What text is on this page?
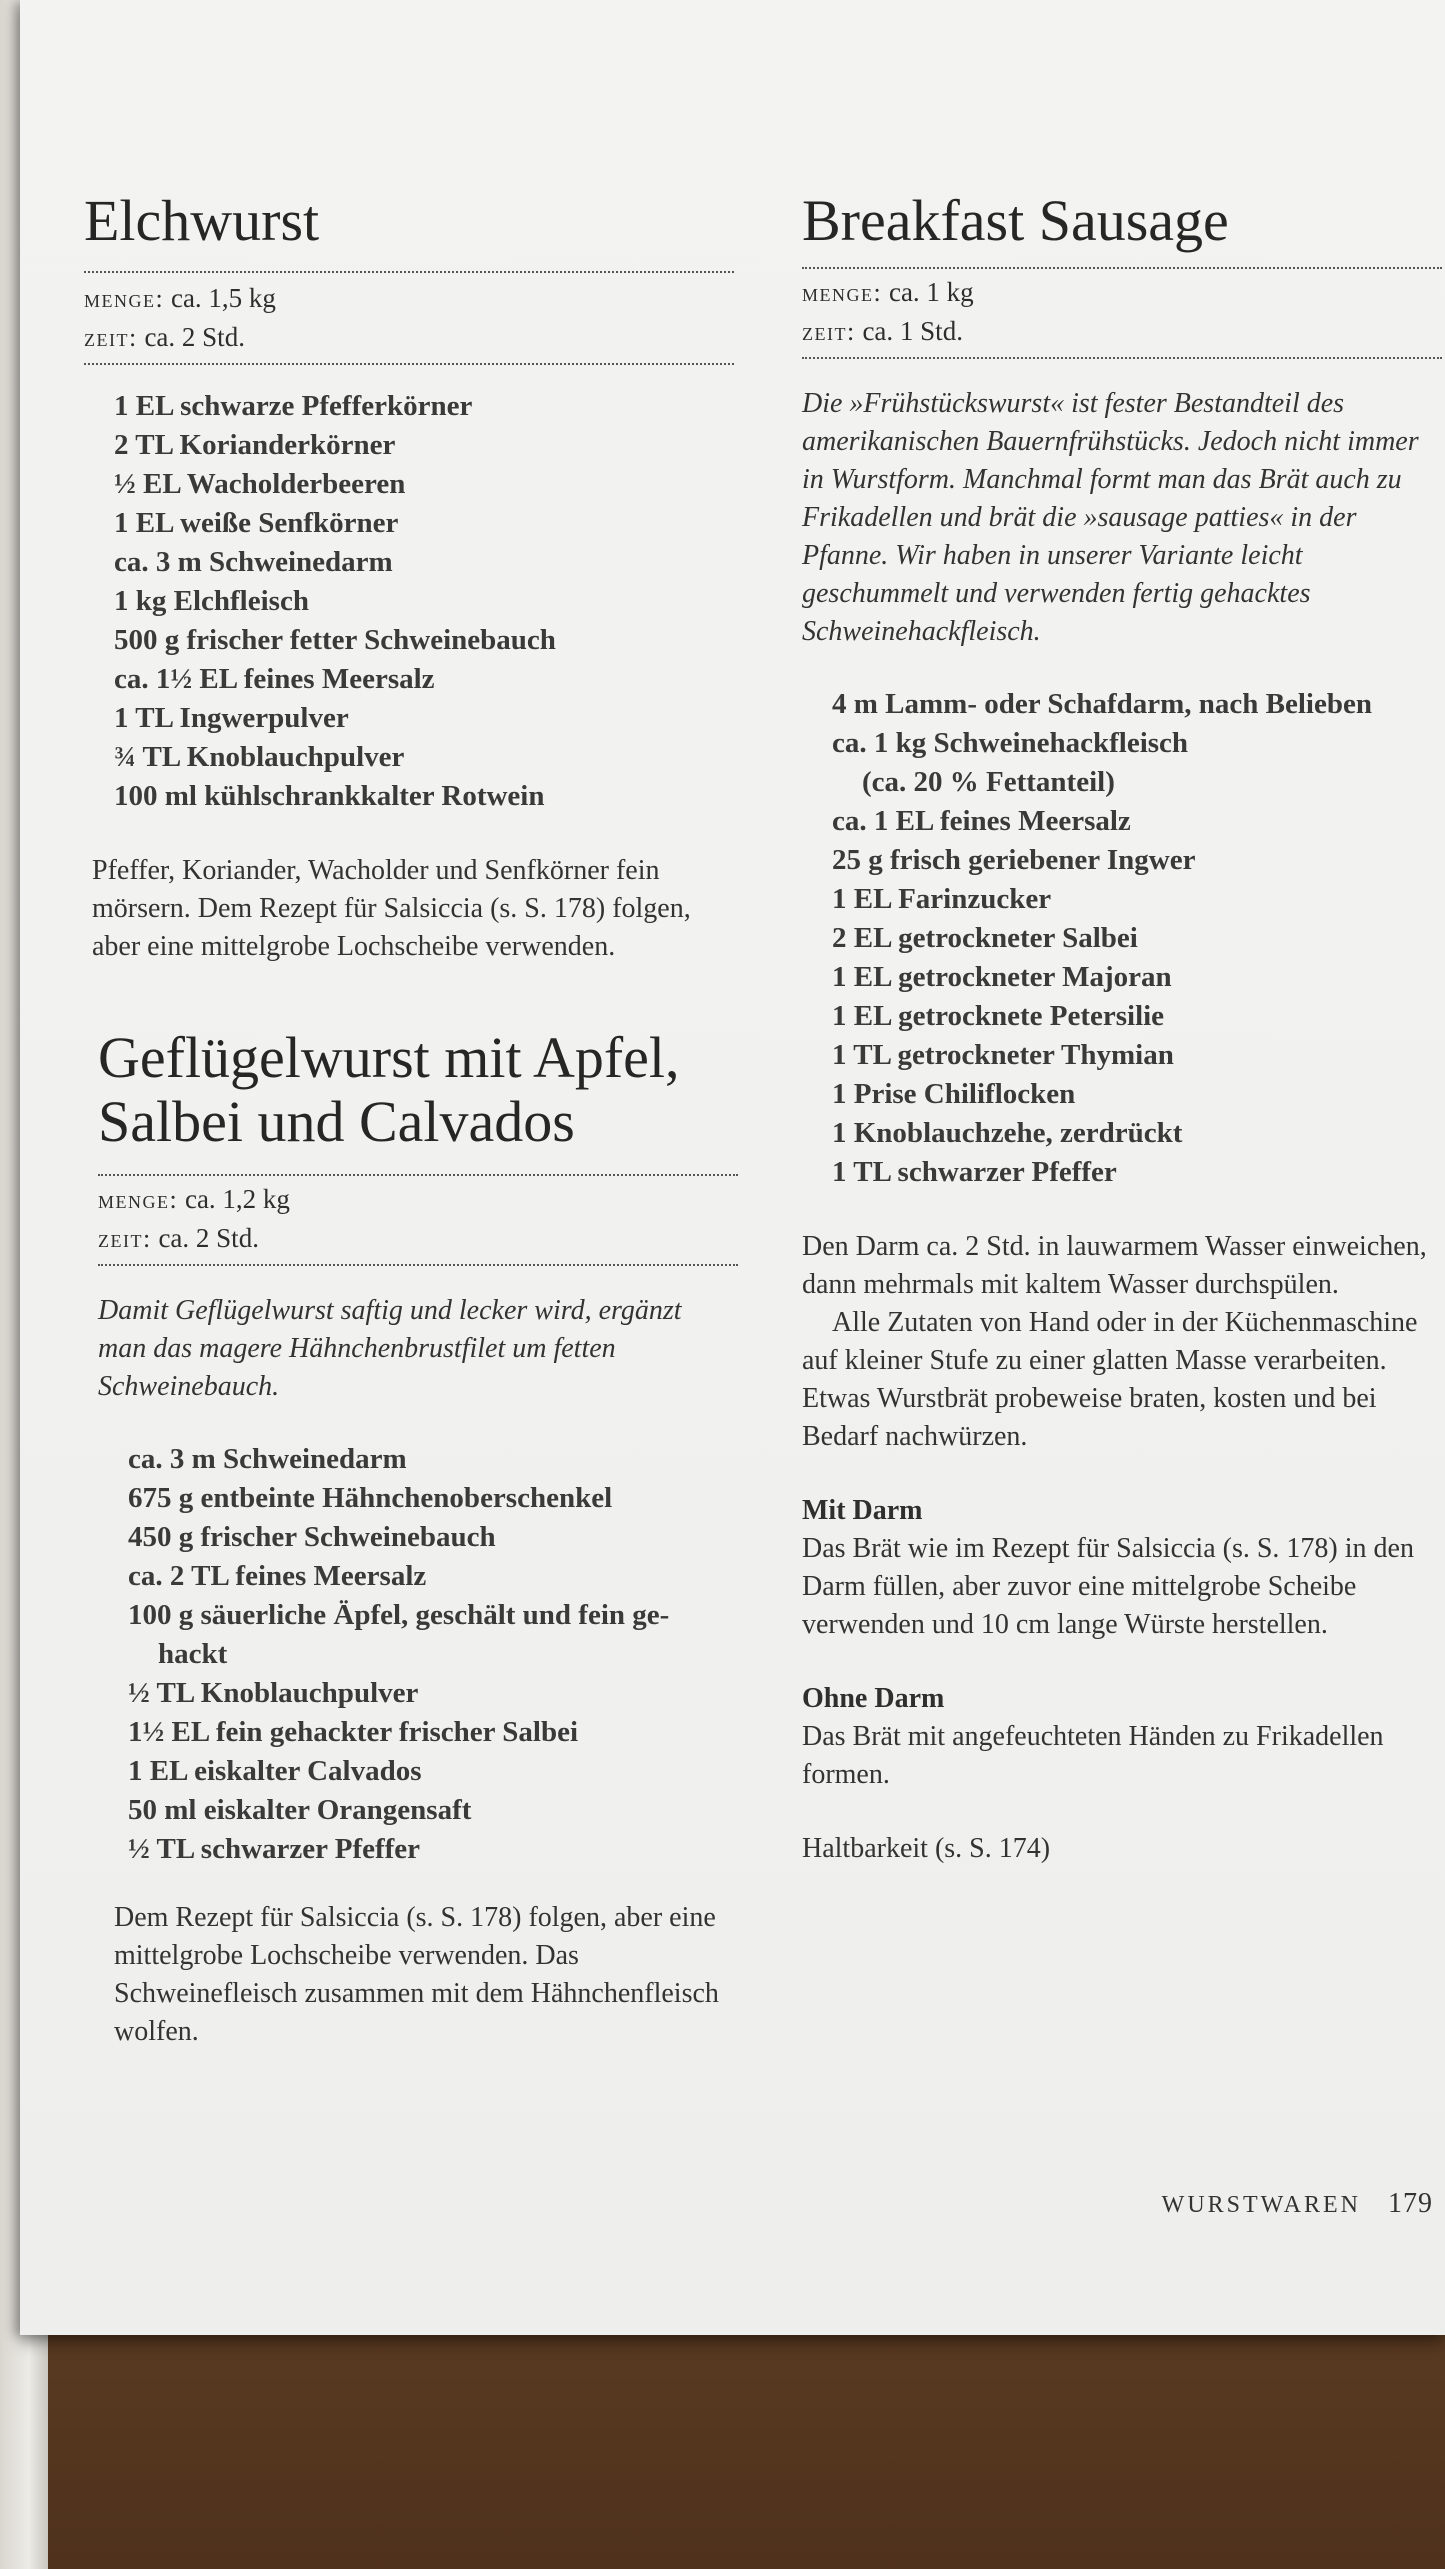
Elchwurst
menge: ca. 1,5 kg
zeit: ca. 2 Std.
1 EL schwarze Pfefferkörner
2 TL Korianderkörner
½ EL Wacholderbeeren
1 EL weiße Senfkörner
ca. 3 m Schweinedarm
1 kg Elchfleisch
500 g frischer fetter Schweinebauch
ca. 1½ EL feines Meersalz
1 TL Ingwerpulver
¾ TL Knoblauchpulver
100 ml kühlschrankkalter Rotwein

Pfeffer, Koriander, Wacholder und Senfkörner fein mörsern. Dem Rezept für Salsiccia (s. S. 178) folgen, aber eine mittelgrobe Lochscheibe verwenden.

Geflügelwurst mit Apfel,
Salbei und Calvados
menge: ca. 1,2 kg
zeit: ca. 2 Std.

Damit Geflügelwurst saftig und lecker wird, ergänzt man das magere Hähnchenbrustfilet um fetten Schweinebauch.

ca. 3 m Schweinedarm
675 g entbeinte Hähnchenoberschenkel
450 g frischer Schweinebauch
ca. 2 TL feines Meersalz
100 g säuerliche Äpfel, geschält und fein ge-
hackt
½ TL Knoblauchpulver
1½ EL fein gehackter frischer Salbei
1 EL eiskalter Calvados
50 ml eiskalter Orangensaft
½ TL schwarzer Pfeffer

Dem Rezept für Salsiccia (s. S. 178) folgen, aber eine mittelgrobe Lochscheibe verwenden. Das Schweinefleisch zusammen mit dem Hähnchenfleisch wolfen.

Breakfast Sausage
menge: ca. 1 kg
zeit: ca. 1 Std.

Die »Frühstückswurst« ist fester Bestandteil des amerikanischen Bauernfrühstücks. Jedoch nicht immer in Wurstform. Manchmal formt man das Brät auch zu Frikadellen und brät die »sausage patties« in der Pfanne. Wir haben in unserer Variante leicht geschummelt und verwenden fertig gehacktes Schweinehackfleisch.

4 m Lamm- oder Schafdarm, nach Belieben
ca. 1 kg Schweinehackfleisch
(ca. 20 % Fettanteil)
ca. 1 EL feines Meersalz
25 g frisch geriebener Ingwer
1 EL Farinzucker
2 EL getrockneter Salbei
1 EL getrockneter Majoran
1 EL getrocknete Petersilie
1 TL getrockneter Thymian
1 Prise Chiliflocken
1 Knoblauchzehe, zerdrückt
1 TL schwarzer Pfeffer

Den Darm ca. 2 Std. in lauwarmem Wasser einweichen, dann mehrmals mit kaltem Wasser durchspülen.

Alle Zutaten von Hand oder in der Küchenmaschine auf kleiner Stufe zu einer glatten Masse verarbeiten. Etwas Wurstbrät probeweise braten, kosten und bei Bedarf nachwürzen.

Mit Darm

Das Brät wie im Rezept für Salsiccia (s. S. 178) in den Darm füllen, aber zuvor eine mittelgrobe Scheibe verwenden und 10 cm lange Würste herstellen.

Ohne Darm

Das Brät mit angefeuchteten Händen zu Frikadellen formen.

Haltbarkeit (s. S. 174)

WURSTWAREN 179
